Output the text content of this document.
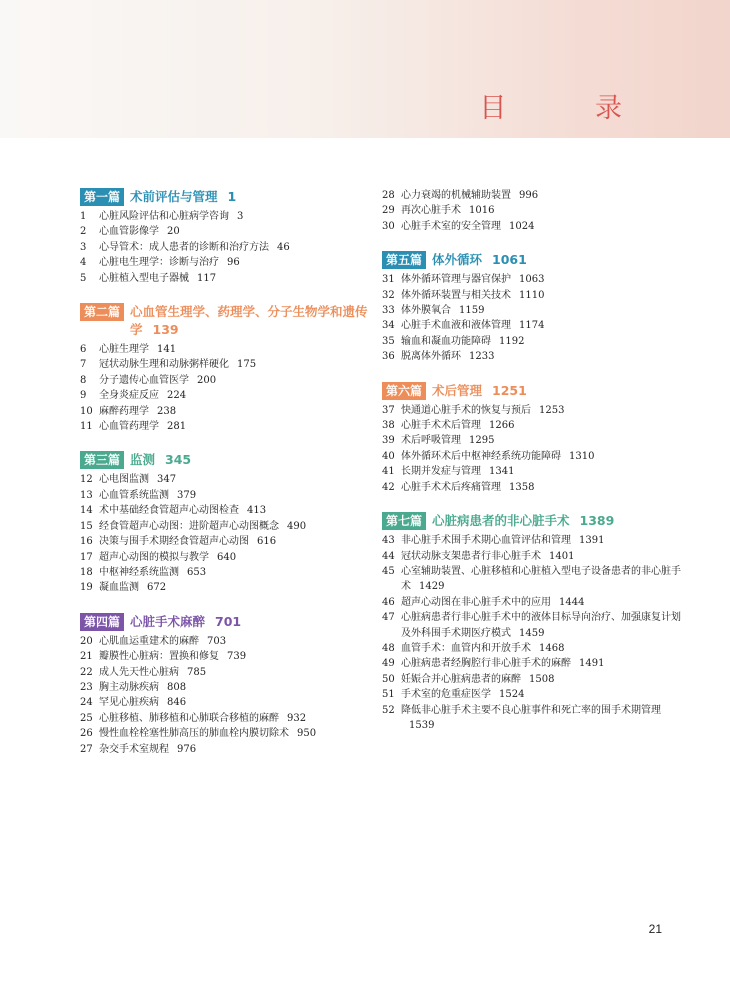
目 录
第一篇 术前评估与管理 1
1	心脏风险评估和心脏病学咨询 3
2	心血管影像学 20
3	心导管术：成人患者的诊断和治疗方法 46
4	心脏电生理学：诊断与治疗 96
5	心脏植入型电子器械 117
第二篇 心血管生理学、药理学、分子生物学和遗传学 139
6	心脏生理学 141
7	冠状动脉生理和动脉粥样硬化 175
8	分子遗传心血管医学 200
9	全身炎症反应 224
10 麻醉药理学 238
11 心血管药理学 281
第三篇 监测 345
12 心电图监测 347
13 心血管系统监测 379
14 术中基础经食管超声心动图检查 413
15 经食管超声心动图：进阶超声心动图概念 490
16 决策与围手术期经食管超声心动图 616
17 超声心动图的模拟与教学 640
18 中枢神经系统监测 653
19 凝血监测 672
第四篇 心脏手术麻醉 701
20 心肌血运重建术的麻醉 703
21 瓣膜性心脏病：置换和修复 739
22 成人先天性心脏病 785
23 胸主动脉疾病 808
24 罕见心脏疾病 846
25 心脏移植、肺移植和心肺联合移植的麻醉 932
26 慢性血栓栓塞性肺高压的肺血栓内膜切除术 950
27 杂交手术室规程 976
28 心力衰竭的机械辅助装置 996
29 再次心脏手术 1016
30 心脏手术室的安全管理 1024
第五篇 体外循环 1061
31 体外循环管理与器官保护 1063
32 体外循环装置与相关技术 1110
33 体外膜氧合 1159
34 心脏手术血液和液体管理 1174
35 输血和凝血功能障碍 1192
36 脱离体外循环 1233
第六篇 术后管理 1251
37 快通道心脏手术的恢复与预后 1253
38 心脏手术术后管理 1266
39 术后呼吸管理 1295
40 体外循环术后中枢神经系统功能障碍 1310
41 长期并发症与管理 1341
42 心脏手术术后疼痛管理 1358
第七篇 心脏病患者的非心脏手术 1389
43 非心脏手术围手术期心血管评估和管理 1391
44 冠状动脉支架患者行非心脏手术 1401
45 心室辅助装置、心脏移植和心脏植入型电子设备患者的非心脏手术 1429
46 超声心动图在非心脏手术中的应用 1444
47 心脏病患者行非心脏手术中的液体目标导向治疗、加强康复计划及外科围手术期医疗模式 1459
48 血管手术：血管内和开放手术 1468
49 心脏病患者经胸腔行非心脏手术的麻醉 1491
50 妊娠合并心脏病患者的麻醉 1508
51 手术室的危重症医学 1524
52 降低非心脏手术主要不良心脏事件和死亡率的围手术期管理1539
21
